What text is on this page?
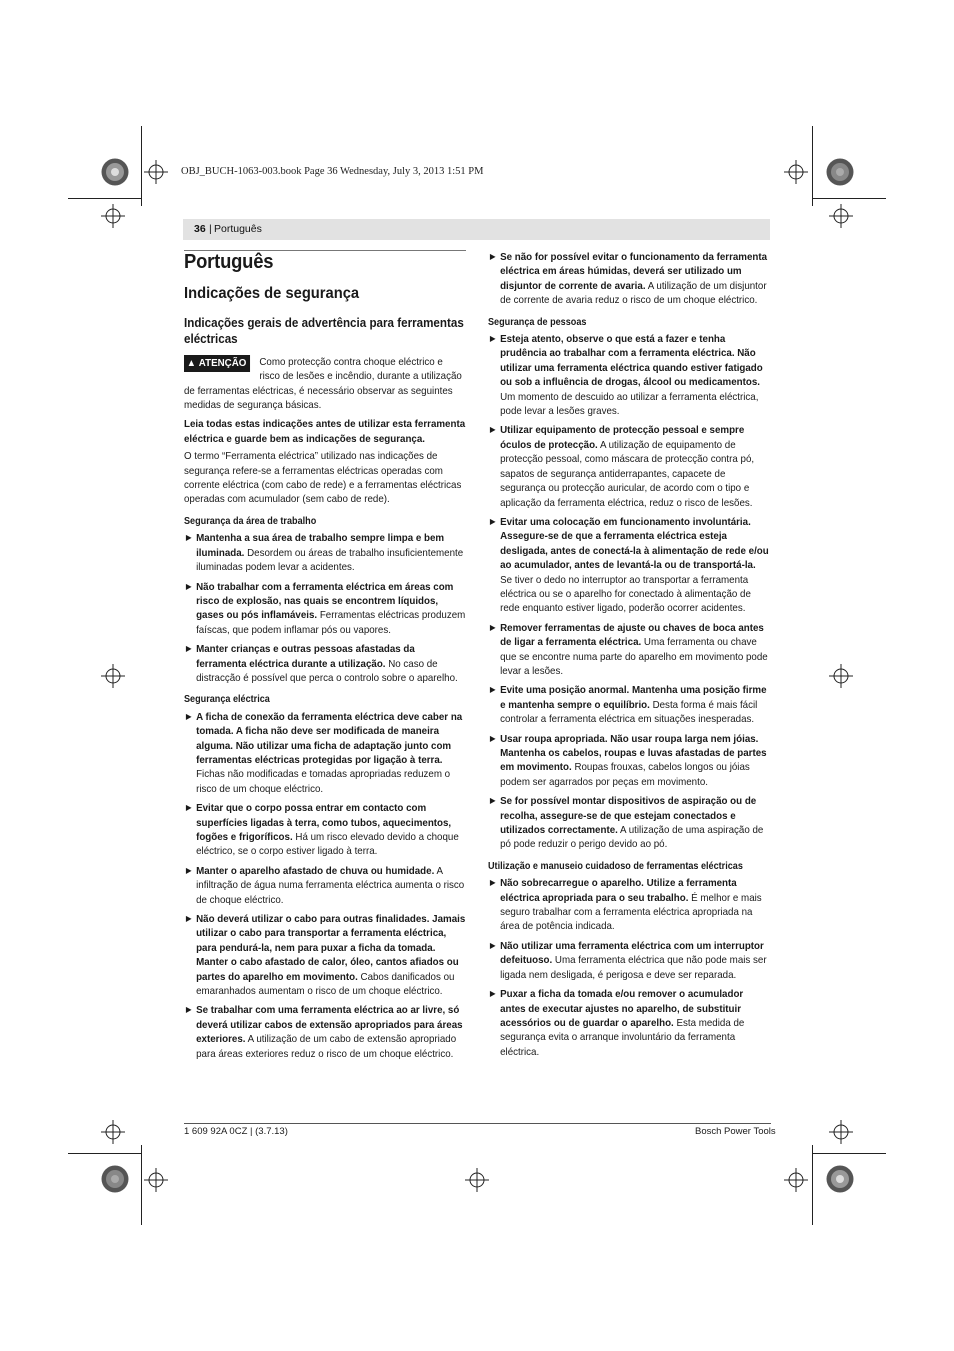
OBJ_BUCH-1063-003.book Page 36 Wednesday, July 3, 2013 1:51 PM
36 | Português
Português
Indicações de segurança
Indicações gerais de advertência para ferramentas eléctricas
▲ ATENÇÃO	Como protecção contra choque eléctrico e risco de lesões e incêndio, durante a utilização de ferramentas eléctricas, é necessário observar as seguintes medidas de segurança básicas.

Leia todas estas indicações antes de utilizar esta ferramenta eléctrica e guarde bem as indicações de segurança.

O termo “Ferramenta eléctrica” utilizado nas indicações de segurança refere-se a ferramentas eléctricas operadas com corrente eléctrica (com cabo de rede) e a ferramentas eléctricas operadas com acumulador (sem cabo de rede).

Segurança da área de trabalho
▶ Mantenha a sua área de trabalho sempre limpa e bem iluminada. Desordem ou áreas de trabalho insuficientemente iluminadas podem levar a acidentes.
▶ Não trabalhar com a ferramenta eléctrica em áreas com risco de explosão, nas quais se encontrem líquidos, gases ou pós inflamáveis. Ferramentas eléctricas produzem faíscas, que podem inflamar pós ou vapores.
▶ Manter crianças e outras pessoas afastadas da ferramenta eléctrica durante a utilização. No caso de distracção é possível que perca o controlo sobre o aparelho.
Segurança eléctrica
▶ A ficha de conexão da ferramenta eléctrica deve caber na tomada. A ficha não deve ser modificada de maneira alguma. Não utilizar uma ficha de adaptação junto com ferramentas eléctricas protegidas por ligação à terra. Fichas não modificadas e tomadas apropriadas reduzem o risco de um choque eléctrico.
▶ Evitar que o corpo possa entrar em contacto com superfícies ligadas à terra, como tubos, aquecimentos, fogões e frigoríficos. Há um risco elevado devido a choque eléctrico, se o corpo estiver ligado à terra.
▶ Manter o aparelho afastado de chuva ou humidade. A infiltração de água numa ferramenta eléctrica aumenta o risco de choque eléctrico.
▶ Não deverá utilizar o cabo para outras finalidades. Jamais utilizar o cabo para transportar a ferramenta eléctrica, para pendurá-la, nem para puxar a ficha da tomada. Manter o cabo afastado de calor, óleo, cantos afiados ou partes do aparelho em movimento. Cabos danificados ou emaranhados aumentam o risco de um choque eléctrico.
▶ Se trabalhar com uma ferramenta eléctrica ao ar livre, só deverá utilizar cabos de extensão apropriados para áreas exteriores. A utilização de um cabo de extensão apropriado para áreas exteriores reduz o risco de um choque eléctrico.
▶ Se não for possível evitar o funcionamento da ferramenta eléctrica em áreas húmidas, deverá ser utilizado um disjuntor de corrente de avaria. A utilização de um disjuntor de corrente de avaria reduz o risco de um choque eléctrico.
Segurança de pessoas
▶ Esteja atento, observe o que está a fazer e tenha prudência ao trabalhar com a ferramenta eléctrica. Não utilizar uma ferramenta eléctrica quando estiver fatigado ou sob a influência de drogas, álcool ou medicamentos. Um momento de descuido ao utilizar a ferramenta eléctrica, pode levar a lesões graves.
▶ Utilizar equipamento de protecção pessoal e sempre óculos de protecção. A utilização de equipamento de protecção pessoal, como máscara de protecção contra pó, sapatos de segurança antiderrapantes, capacete de segurança ou protecção auricular, de acordo com o tipo e aplicação da ferramenta eléctrica, reduz o risco de lesões.
▶ Evitar uma colocação em funcionamento involuntária. Assegure-se de que a ferramenta eléctrica esteja desligada, antes de conectá-la à alimentação de rede e/ou ao acumulador, antes de levantá-la ou de transportá-la. Se tiver o dedo no interruptor ao transportar a ferramenta eléctrica ou se o aparelho for conectado à alimentação de rede enquanto estiver ligado, poderão ocorrer acidentes.
▶ Remover ferramentas de ajuste ou chaves de boca antes de ligar a ferramenta eléctrica. Uma ferramenta ou chave que se encontre numa parte do aparelho em movimento pode levar a lesões.
▶ Evite uma posição anormal. Mantenha uma posição firme e mantenha sempre o equilíbrio. Desta forma é mais fácil controlar a ferramenta eléctrica em situações inesperadas.
▶ Usar roupa apropriada. Não usar roupa larga nem jóias. Mantenha os cabelos, roupas e luvas afastadas de partes em movimento. Roupas frouxas, cabelos longos ou jóias podem ser agarrados por peças em movimento.
▶ Se for possível montar dispositivos de aspiração ou de recolha, assegure-se de que estejam conectados e utilizados correctamente. A utilização de uma aspiração de pó pode reduzir o perigo devido ao pó.
Utilização e manuseio cuidadoso de ferramentas eléctricas
▶ Não sobrecarregue o aparelho. Utilize a ferramenta eléctrica apropriada para o seu trabalho. É melhor e mais seguro trabalhar com a ferramenta eléctrica apropriada na área de potência indicada.
▶ Não utilizar uma ferramenta eléctrica com um interruptor defeituoso. Uma ferramenta eléctrica que não pode mais ser ligada nem desligada, é perigosa e deve ser reparada.
▶ Puxar a ficha da tomada e/ou remover o acumulador antes de executar ajustes no aparelho, de substituir acessórios ou de guardar o aparelho. Esta medida de segurança evita o arranque involuntário da ferramenta eléctrica.
1 609 92A 0CZ | (3.7.13)	Bosch Power Tools
